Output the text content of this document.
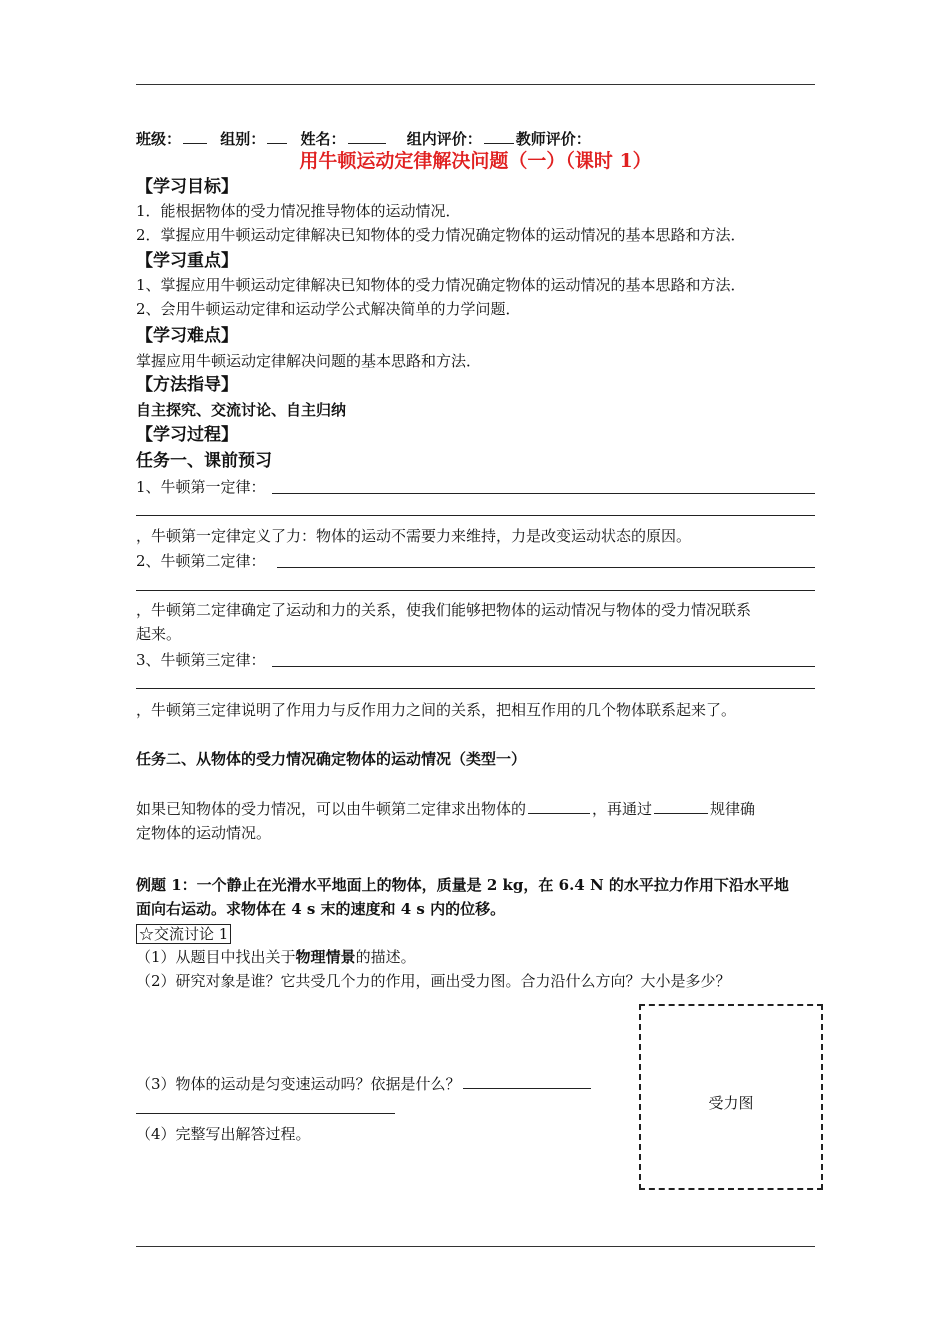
班级：	组别： 姓名：	组内评价： 教师评价：
用牛顿运动定律解决问题（一）（课时 1）
【学习目标】
1．能根据物体的受力情况推导物体的运动情况．
2．掌握应用牛顿运动定律解决已知物体的受力情况确定物体的运动情况的基本思路和方法．
【学习重点】
1、掌握应用牛顿运动定律解决已知物体的受力情况确定物体的运动情况的基本思路和方法．
2、会用牛顿运动定律和运动学公式解决简单的力学问题．
【学习难点】
掌握应用牛顿运动定律解决问题的基本思路和方法．
【方法指导】
自主探究、交流讨论、自主归纳
【学习过程】
任务一、课前预习
1、牛顿第一定律：
，牛顿第一定律定义了力：物体的运动不需要力来维持，力是改变运动状态的原因。
2、牛顿第二定律：
，牛顿第二定律确定了运动和力的关系，使我们能够把物体的运动情况与物体的受力情况联系
起来。
3、牛顿第三定律：
，牛顿第三定律说明了作用力与反作用力之间的关系，把相互作用的几个物体联系起来了。
任务二、从物体的受力情况确定物体的运动情况（类型一）
如果已知物体的受力情况，可以由牛顿第二定律求出物体的	，再通过	规律确
定物体的运动情况。
例题 1：一个静止在光滑水平地面上的物体，质量是 2 kg，在 6.4 N 的水平拉力作用下沿水平地
面向右运动。求物体在 4 s 末的速度和 4 s 内的位移。
☆交流讨论 1
（1）从题目中找出关于物理情景的描述。
（2）研究对象是谁？它共受几个力的作用，画出受力图。合力沿什么方向？大小是多少？
（3）物体的运动是匀变速运动吗？依据是什么？
（4）完整写出解答过程。
受力图
